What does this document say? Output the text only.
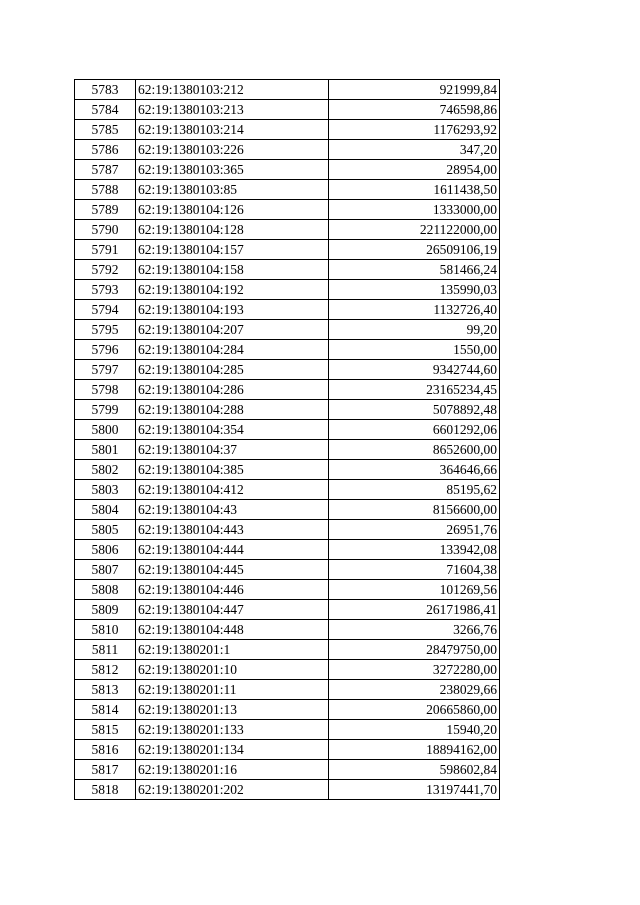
5783	62:19:1380103:212	921999,84
5784	62:19:1380103:213	746598,86
5785	62:19:1380103:214	1176293,92
5786	62:19:1380103:226	347,20
5787	62:19:1380103:365	28954,00
5788	62:19:1380103:85	1611438,50
5789	62:19:1380104:126	1333000,00
5790	62:19:1380104:128	221122000,00
5791	62:19:1380104:157	26509106,19
5792	62:19:1380104:158	581466,24
5793	62:19:1380104:192	135990,03
5794	62:19:1380104:193	1132726,40
5795	62:19:1380104:207	99,20
5796	62:19:1380104:284	1550,00
5797	62:19:1380104:285	9342744,60
5798	62:19:1380104:286	23165234,45
5799	62:19:1380104:288	5078892,48
5800	62:19:1380104:354	6601292,06
5801	62:19:1380104:37	8652600,00
5802	62:19:1380104:385	364646,66
5803	62:19:1380104:412	85195,62
5804	62:19:1380104:43	8156600,00
5805	62:19:1380104:443	26951,76
5806	62:19:1380104:444	133942,08
5807	62:19:1380104:445	71604,38
5808	62:19:1380104:446	101269,56
5809	62:19:1380104:447	26171986,41
5810	62:19:1380104:448	3266,76
5811	62:19:1380201:1	28479750,00
5812	62:19:1380201:10	3272280,00
5813	62:19:1380201:11	238029,66
5814	62:19:1380201:13	20665860,00
5815	62:19:1380201:133	15940,20
5816	62:19:1380201:134	18894162,00
5817	62:19:1380201:16	598602,84
5818	62:19:1380201:202	13197441,70
